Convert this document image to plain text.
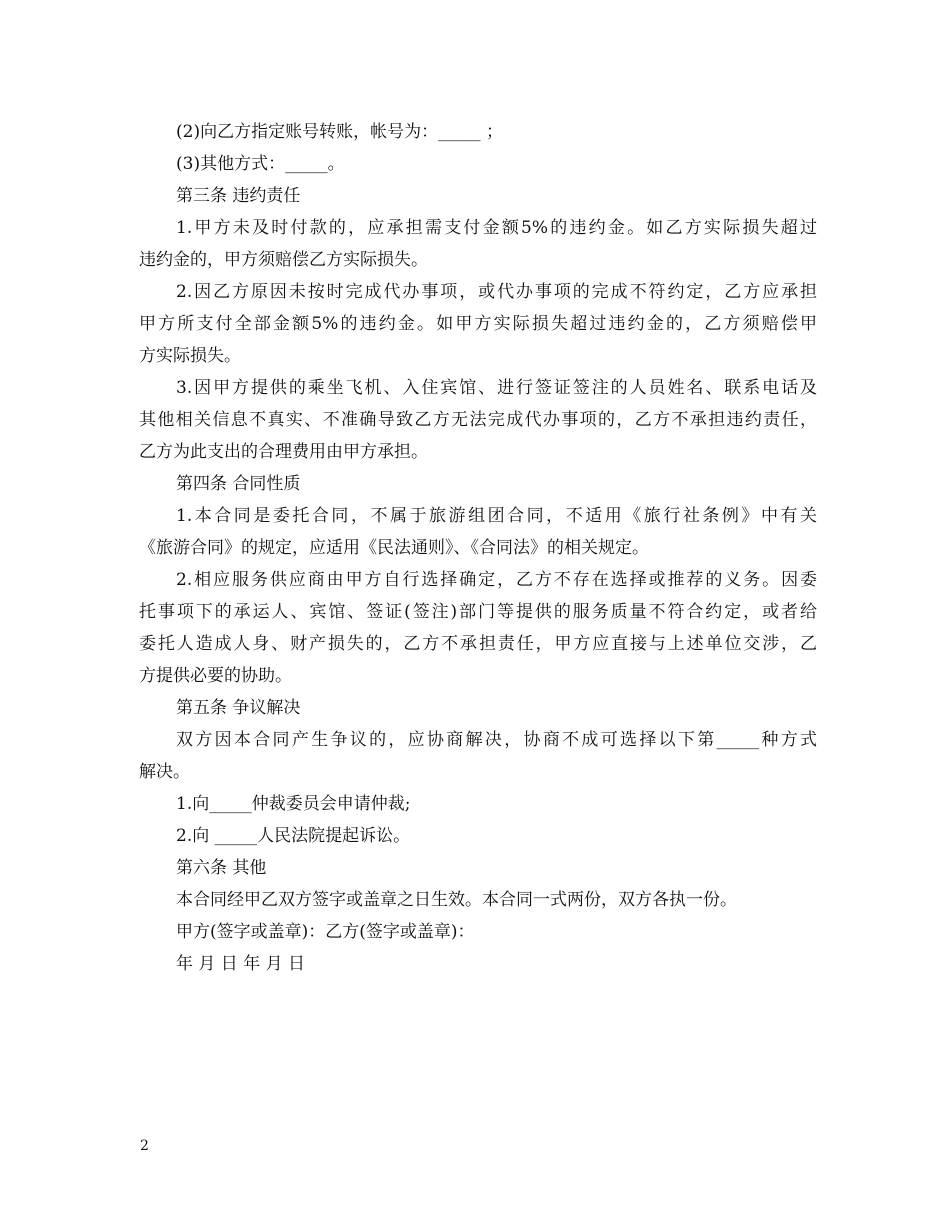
(2)向乙方指定账号转账，帐号为：_____ ；

(3)其他方式：_____。

第三条 违约责任

1.甲方未及时付款的，应承担需支付金额5%的违约金。如乙方实际损失超过

违约金的，甲方须赔偿乙方实际损失。

2.因乙方原因未按时完成代办事项，或代办事项的完成不符约定，乙方应承担

甲方所支付全部金额5%的违约金。如甲方实际损失超过违约金的，乙方须赔偿甲

方实际损失。

3.因甲方提供的乘坐飞机、入住宾馆、进行签证签注的人员姓名、联系电话及

其他相关信息不真实、不准确导致乙方无法完成代办事项的，乙方不承担违约责任，

乙方为此支出的合理费用由甲方承担。

第四条 合同性质

1.本合同是委托合同，不属于旅游组团合同，不适用《旅行社条例》中有关

《旅游合同》的规定，应适用《民法通则》、《合同法》的相关规定。

2.相应服务供应商由甲方自行选择确定，乙方不存在选择或推荐的义务。因委

托事项下的承运人、宾馆、签证(签注)部门等提供的服务质量不符合约定，或者给

委托人造成人身、财产损失的，乙方不承担责任，甲方应直接与上述单位交涉，乙

方提供必要的协助。

第五条 争议解决

双方因本合同产生争议的，应协商解决，协商不成可选择以下第_____种方式

解决。

1.向_____仲裁委员会申请仲裁;

2.向 _____人民法院提起诉讼。

第六条 其他

本合同经甲乙双方签字或盖章之日生效。本合同一式两份，双方各执一份。

甲方(签字或盖章)：乙方(签字或盖章)：

年 月 日 年 月 日

2
